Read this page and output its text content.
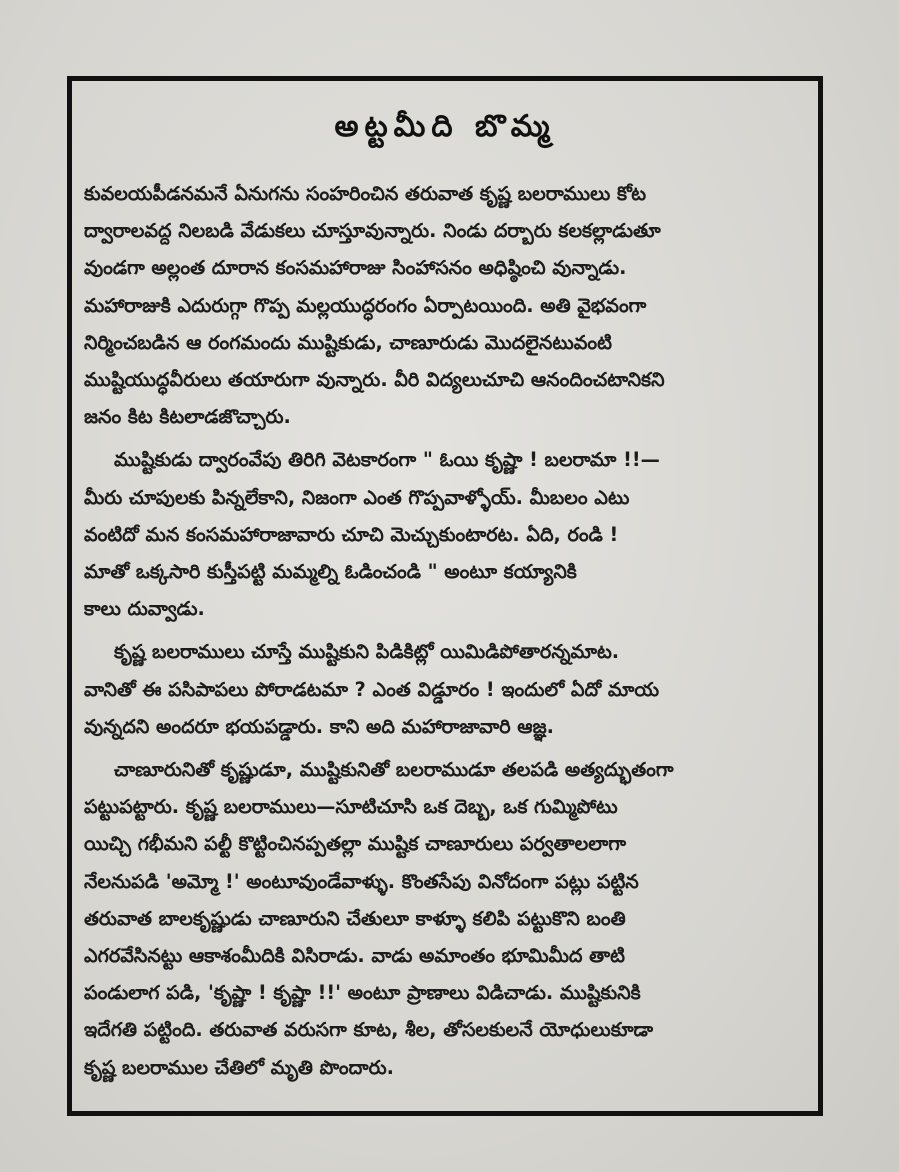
అట్టమీది బొమ్మ
కువలయపీడనమనే ఏనుగను సంహరించిన తరువాత కృష్ణ బలరాములు కోట
ద్వారాలవద్ద నిలబడి వేడుకలు చూస్తూవున్నారు. నిండు దర్బారు కలకల్లాడుతూ
వుండగా అల్లంత దూరాన కంసమహారాజు సింహాసనం అధిష్ఠించి వున్నాడు.
మహారాజుకి ఎదురుగ్గా గొప్ప మల్లయుద్ధరంగం ఏర్పాటయింది. అతి వైభవంగా
నిర్మించబడిన ఆ రంగమందు ముష్టికుడు, చాణూరుడు మొదలైనటువంటి
ముష్టియుద్ధవీరులు తయారుగా వున్నారు. వీరి విద్యలుచూచి ఆనందించటానికని
జనం కిట కిటలాడజొచ్చారు.
ముష్టికుడు ద్వారంవేపు తిరిగి వెటకారంగా " ఓయి కృష్ణా ! బలరామా !!—
మీరు చూపులకు పిన్నలేకాని, నిజంగా ఎంత గొప్పవాళ్ళోయ్. మీబలం ఎటు
వంటిదో మన కంసమహారాజావారు చూచి మెచ్చుకుంటారట. ఏది, రండి !
మాతో ఒక్కసారి కుస్తీపట్టి మమ్మల్ని ఓడించండి " అంటూ కయ్యానికి
కాలు దువ్వాడు.
కృష్ణ బలరాములు చూస్తే ముష్టికుని పిడికిట్లో యిమిడిపోతారన్నమాట.
వానితో ఈ పసిపాపలు పోరాడటమా ? ఎంత విడ్డూరం ! ఇందులో ఏదో మాయ
వున్నదని అందరూ భయపడ్డారు. కాని అది మహారాజావారి ఆజ్ఞ.
చాణూరునితో కృష్ణుడూ, ముష్టికునితో బలరాముడూ తలపడి అత్యద్భుతంగా
పట్టుపట్టారు. కృష్ణ బలరాములు—సూటిచూసి ఒక దెబ్బ, ఒక గుమ్మిపోటు
యిచ్చి గభీమని పల్టీ కొట్టించినప్పతల్లా ముష్టిక చాణూరులు పర్వతాలలాగా
నేలనుపడి 'అమ్మో !' అంటూవుండేవాళ్ళు. కొంతసేపు వినోదంగా పట్లు పట్టిన
తరువాత బాలకృష్ణుడు చాణూరుని చేతులూ కాళ్ళూ కలిపి పట్టుకొని బంతి
ఎగరవేసినట్టు ఆకాశంమీదికి విసిరాడు. వాడు అమాంతం భూమిమీద తాటి
పండులాగ పడి, 'కృష్ణా ! కృష్ణా !!' అంటూ ప్రాణాలు విడిచాడు. ముష్టికునికి
ఇదేగతి పట్టింది. తరువాత వరుసగా కూట, శీల, తోసలకులనే యోధులుకూడా
కృష్ణ బలరాముల చేతిలో మృతి పొందారు.
